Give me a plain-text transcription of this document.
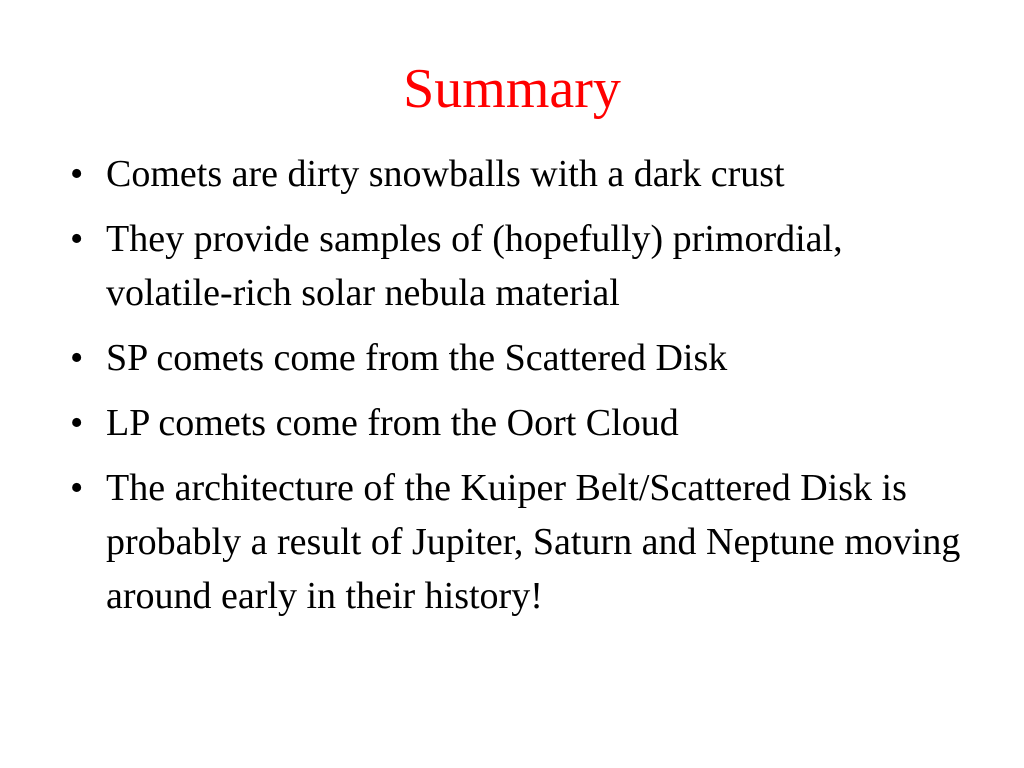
Summary
• Comets are dirty snowballs with a dark crust
• They provide samples of (hopefully) primordial, volatile-rich solar nebula material
• SP comets come from the Scattered Disk
• LP comets come from the Oort Cloud
• The architecture of the Kuiper Belt/Scattered Disk is probably a result of Jupiter, Saturn and Neptune moving around early in their history!
